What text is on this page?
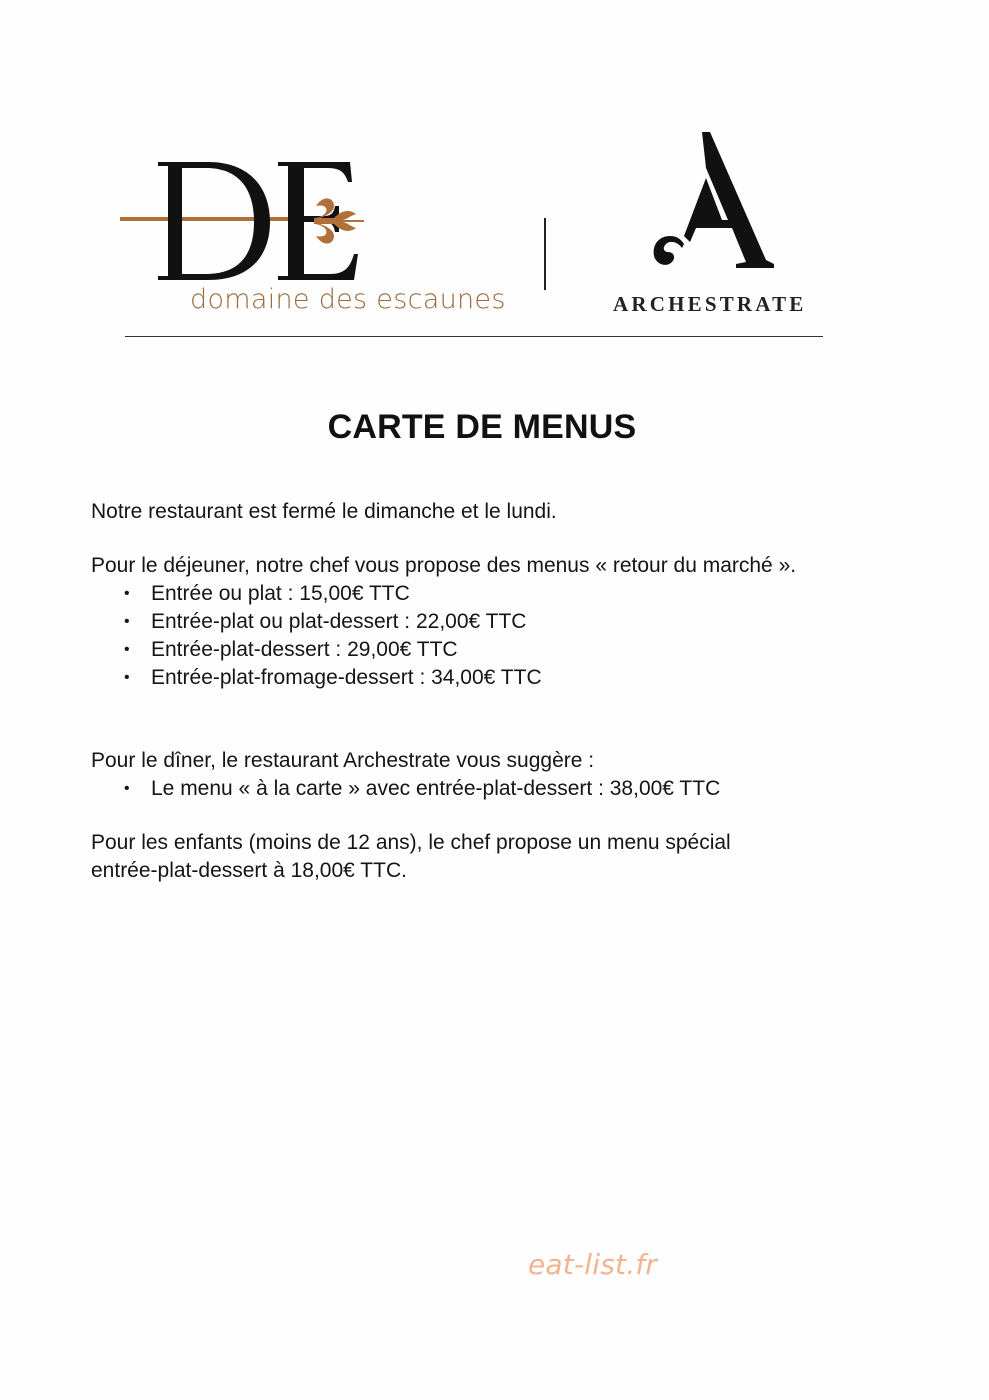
domaine des escaunes	ARCHESTRATE
CARTE DE MENUS

Notre restaurant est fermé le dimanche et le lundi.

Pour le déjeuner, notre chef vous propose des menus « retour du marché ».

• Entrée ou plat : 15,00€ TTC
• Entrée-plat ou plat-dessert : 22,00€ TTC
• Entrée-plat-dessert : 29,00€ TTC
• Entrée-plat-fromage-dessert : 34,00€ TTC

Pour le dîner, le restaurant Archestrate vous suggère :

• Le menu « à la carte » avec entrée-plat-dessert : 38,00€ TTC

Pour les enfants (moins de 12 ans), le chef propose un menu spécial

entrée-plat-dessert à 18,00€ TTC.

eat-list.fr
